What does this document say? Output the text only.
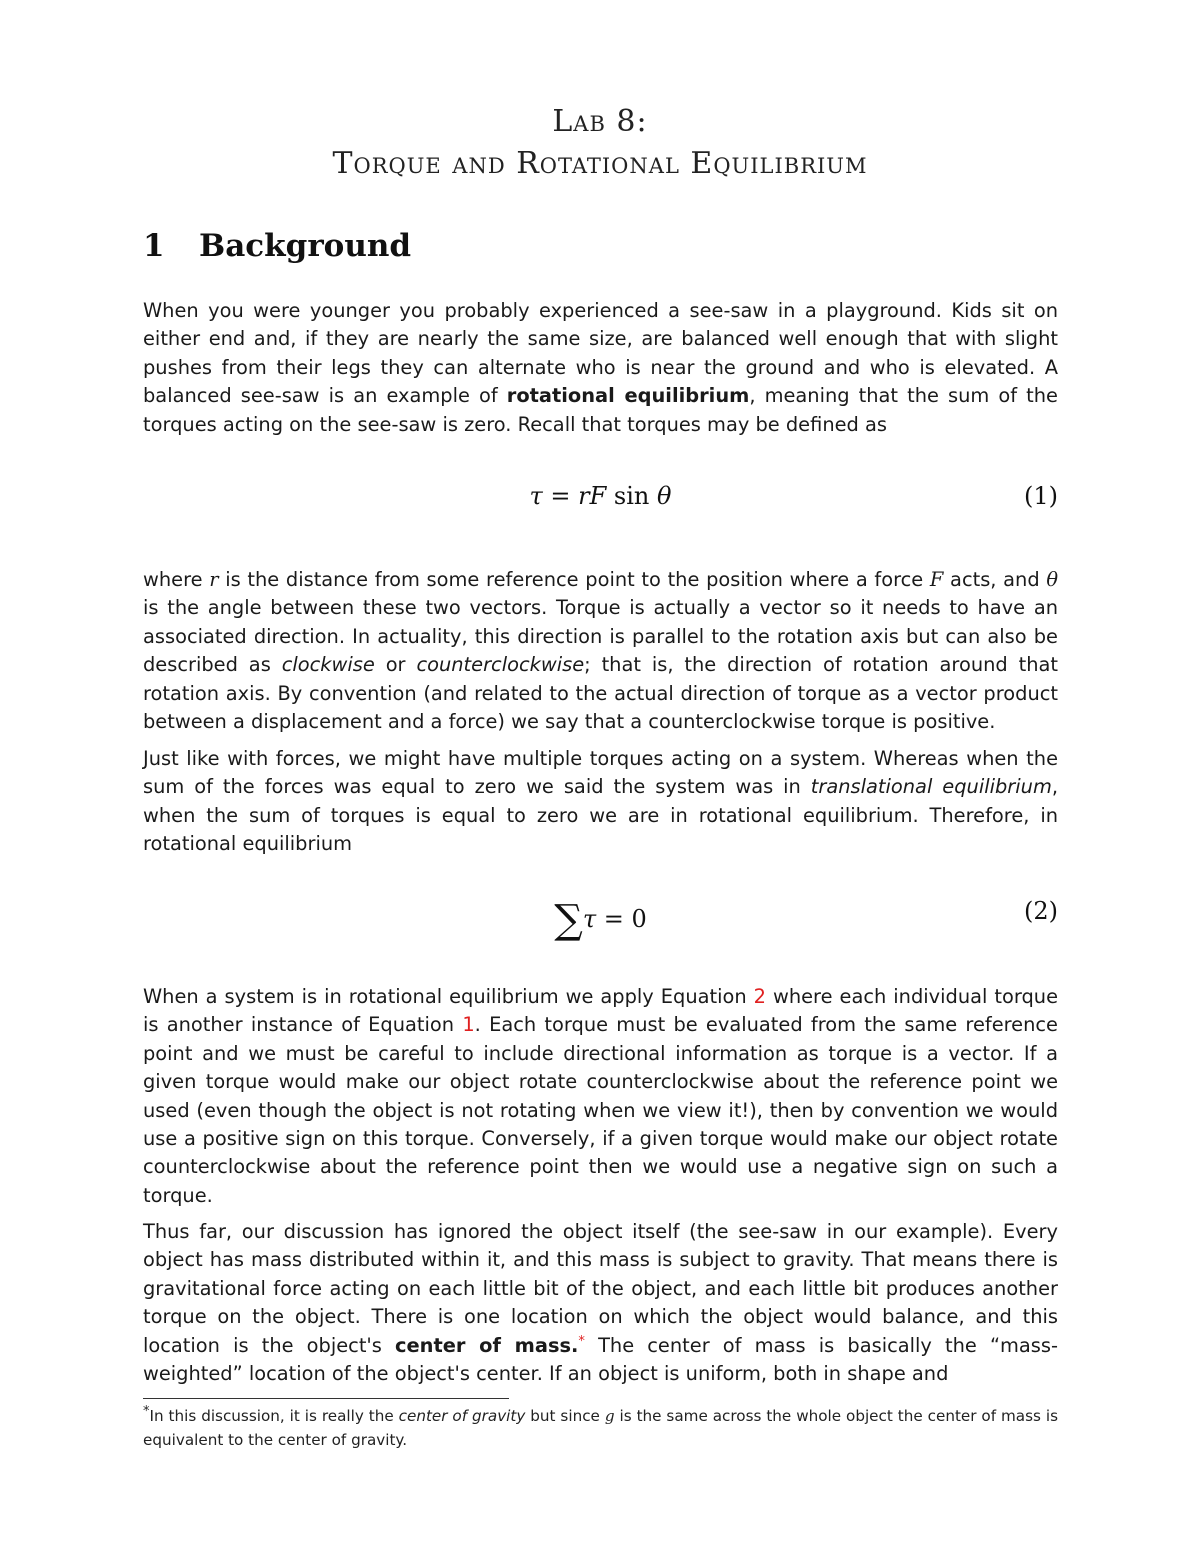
Lab 8:
Torque and Rotational Equilibrium
1 Background
When you were younger you probably experienced a see-saw in a playground. Kids sit on either end and, if they are nearly the same size, are balanced well enough that with slight pushes from their legs they can alternate who is near the ground and who is elevated. A balanced see-saw is an example of rotational equilibrium, meaning that the sum of the torques acting on the see-saw is zero. Recall that torques may be defined as
τ = rF sin θ	(1)
where r is the distance from some reference point to the position where a force F acts, and θ is the angle between these two vectors. Torque is actually a vector so it needs to have an associated direction. In actuality, this direction is parallel to the rotation axis but can also be described as clockwise or counterclockwise; that is, the direction of rotation around that rotation axis. By convention (and related to the actual direction of torque as a vector product between a displacement and a force) we say that a counterclockwise torque is positive.
Just like with forces, we might have multiple torques acting on a system. Whereas when the sum of the forces was equal to zero we said the system was in translational equilibrium, when the sum of torques is equal to zero we are in rotational equilibrium. Therefore, in rotational equilibrium
∑τ = 0	(2)
When a system is in rotational equilibrium we apply Equation 2 where each individual torque is another instance of Equation 1. Each torque must be evaluated from the same reference point and we must be careful to include directional information as torque is a vector. If a given torque would make our object rotate counterclockwise about the reference point we used (even though the object is not rotating when we view it!), then by convention we would use a positive sign on this torque. Conversely, if a given torque would make our object rotate counterclockwise about the reference point then we would use a negative sign on such a torque.
Thus far, our discussion has ignored the object itself (the see-saw in our example). Every object has mass distributed within it, and this mass is subject to gravity. That means there is gravitational force acting on each little bit of the object, and each little bit produces another torque on the object. There is one location on which the object would balance, and this location is the object's center of mass.* The center of mass is basically the “mass-weighted” location of the object's center. If an object is uniform, both in shape and
*In this discussion, it is really the center of gravity but since g is the same across the whole object the center of mass is equivalent to the center of gravity.
